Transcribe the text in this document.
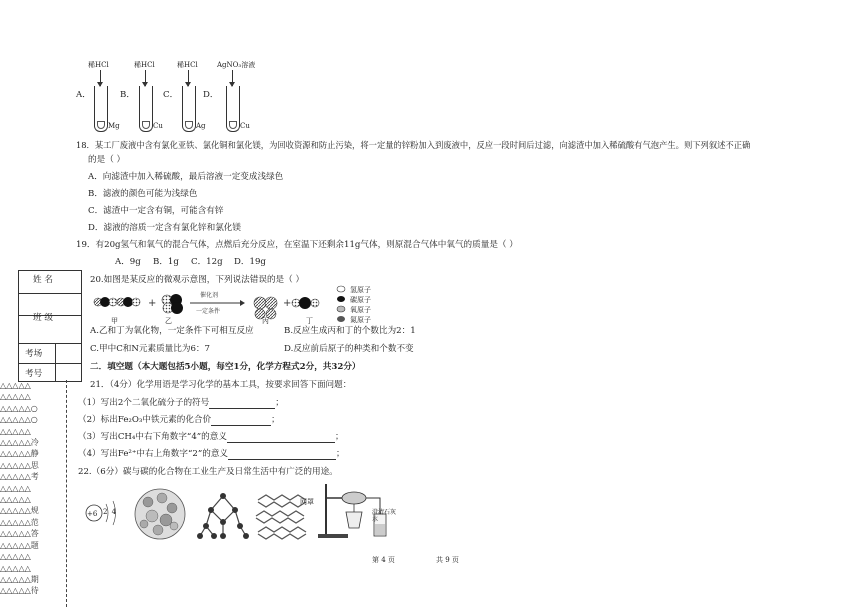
稀HCl	稀HCl	稀HCl	AgNO₃溶液
A．	B．	C．	D．
Mg	Cu	Ag	Cu
18．某工厂废液中含有氯化亚铁、氯化铜和氯化镁，为回收资源和防止污染，将一定量的锌粉加入到废液中，反应一段时间后过滤，向滤渣中加入稀硫酸有气泡产生。则下列叙述不正确
的是（ ）
A．向滤渣中加入稀硫酸，最后溶液一定变成浅绿色
B．滤液的颜色可能为浅绿色
C．滤渣中一定含有铜，可能含有锌
D．滤液的溶质一定含有氯化锌和氯化镁
19．有20g氢气和氧气的混合气体，点燃后充分反应，在室温下还剩余11g气体，则原混合气体中氧气的质量是（ ）
A．9g B．1g C．12g D．19g
姓 名
班 级
考场
考号
△△△△△
△△△△△
△△△△△○
△△△△△○
△△△△△
△△△△△冷
△△△△△静
△△△△△思
△△△△△考
△△△△△
△△△△△
△△△△△规
△△△△△范
△△△△△答
△△△△△题
△△△△△
△△△△△
△△△△△期
△△△△△待
20.如图是某反应的微观示意图，下列说法错误的是（ ）
+
催化剂
一定条件
+
甲	乙	丙	丁
氢原子
碳原子
氧原子
氮原子
A.乙和丁为氧化物，一定条件下可相互反应	B.反应生成丙和丁的个数比为2：1
C.甲中C和N元素质量比为6：7	D.反应前后原子的种类和个数不变
二．填空题（本大题包括5小题，每空1分，化学方程式2分，共32分）
21．（4分）化学用语是学习化学的基本工具，按要求回答下面问题：
（1）写出2个二氧化硫分子的符号	；
（2）标出Fe₂O₃中铁元素的化合价	；
（3）写出CH₄中右下角数字“4”的意义	；
（4）写出Fe²⁺中右上角数字“2”的意义	；
22.（6分）碳与碳的化合物在工业生产及日常生活中有广泛的用途。
+6 2 4
网罩
澄清石灰水
第 4 页	共 9 页
